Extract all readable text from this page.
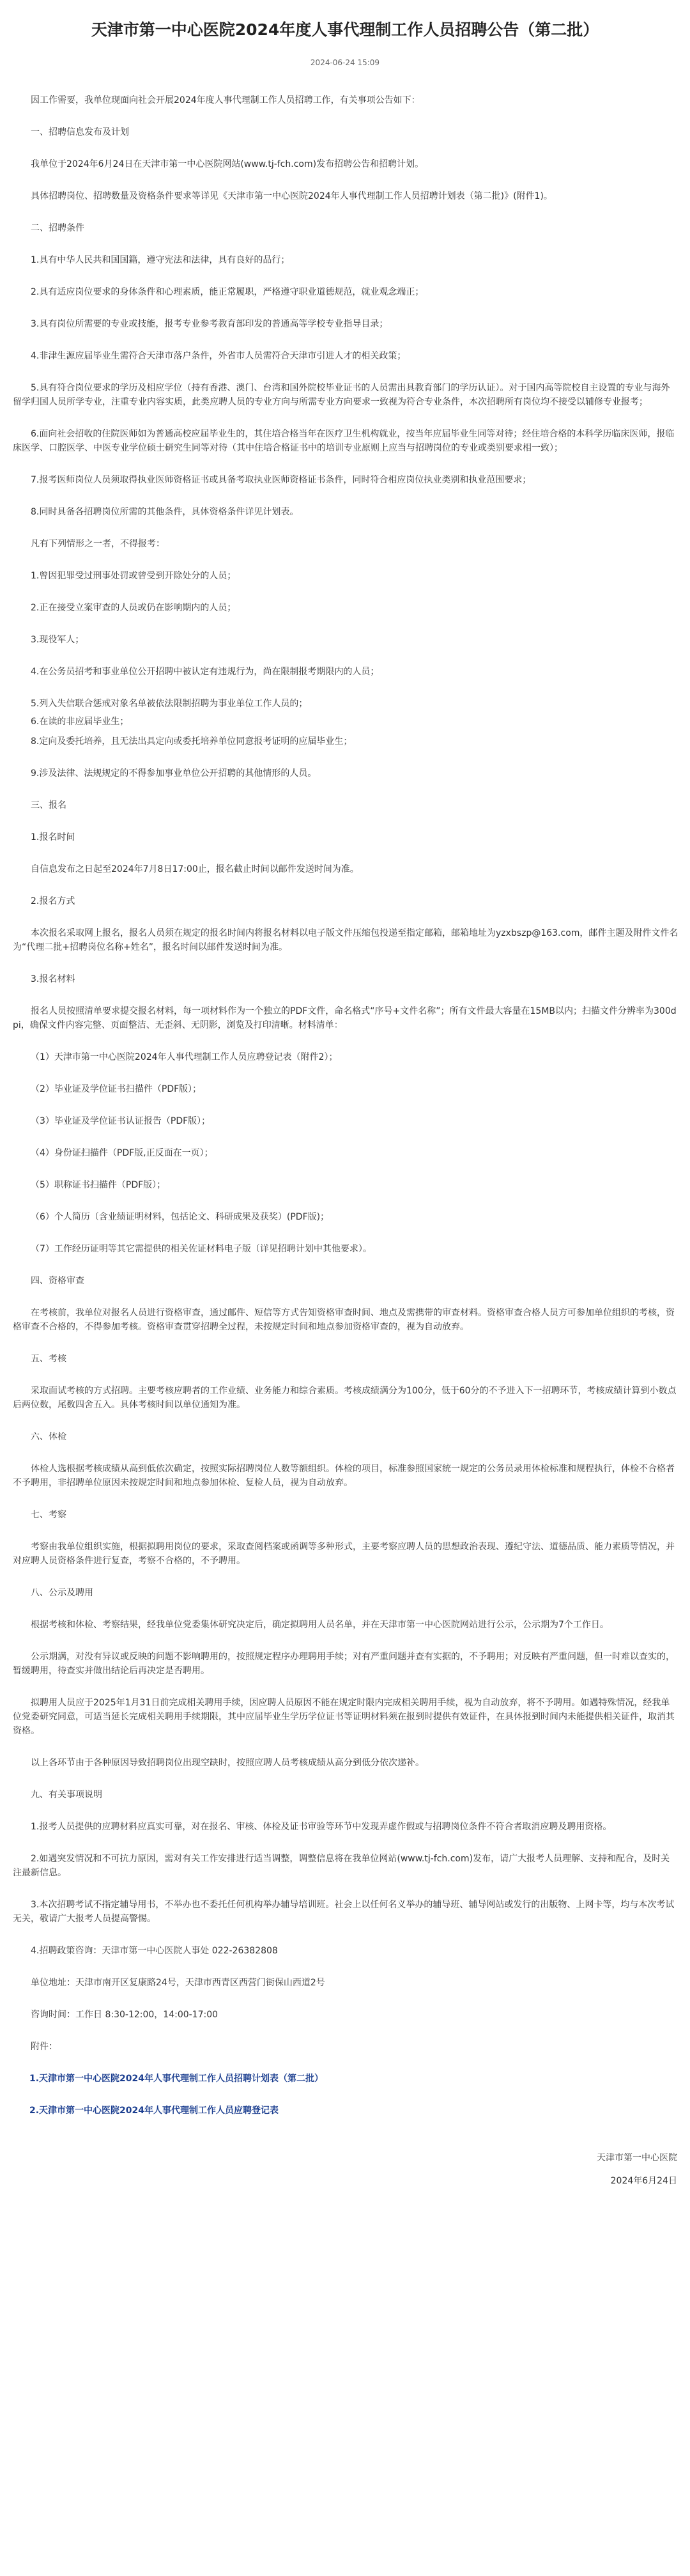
天津市第一中心医院2024年度人事代理制工作人员招聘公告（第二批）
2024-06-24 15:09

因工作需要，我单位现面向社会开展2024年度人事代理制工作人员招聘工作，有关事项公告如下：

一、招聘信息发布及计划

我单位于2024年6月24日在天津市第一中心医院网站(www.tj-fch.com)发布招聘公告和招聘计划。

具体招聘岗位、招聘数量及资格条件要求等详见《天津市第一中心医院2024年人事代理制工作人员招聘计划表（第二批)》(附件1)。

二、招聘条件

1.具有中华人民共和国国籍，遵守宪法和法律，具有良好的品行；

2.具有适应岗位要求的身体条件和心理素质，能正常履职，严格遵守职业道德规范，就业观念端正；

3.具有岗位所需要的专业或技能，报考专业参考教育部印发的普通高等学校专业指导目录；

4.非津生源应届毕业生需符合天津市落户条件，外省市人员需符合天津市引进人才的相关政策；

5.具有符合岗位要求的学历及相应学位（持有香港、澳门、台湾和国外院校毕业证书的人员需出具教育部门的学历认证）。对于国内高等院校自主设置的专业与海外留学归国人员所学专业，注重专业内容实质，此类应聘人员的专业方向与所需专业方向要求一致视为符合专业条件，本次招聘所有岗位均不接受以辅修专业报考；

6.面向社会招收的住院医师如为普通高校应届毕业生的，其住培合格当年在医疗卫生机构就业，按当年应届毕业生同等对待；经住培合格的本科学历临床医师，报临床医学、口腔医学、中医专业学位硕士研究生同等对待（其中住培合格证书中的培训专业原则上应当与招聘岗位的专业或类别要求相一致）；

7.报考医师岗位人员须取得执业医师资格证书或具备考取执业医师资格证书条件，同时符合相应岗位执业类别和执业范围要求；

8.同时具备各招聘岗位所需的其他条件，具体资格条件详见计划表。

凡有下列情形之一者，不得报考：

1.曾因犯罪受过刑事处罚或曾受到开除处分的人员；

2.正在接受立案审查的人员或仍在影响期内的人员；

3.现役军人；

4.在公务员招考和事业单位公开招聘中被认定有违规行为，尚在限制报考期限内的人员；

5.列入失信联合惩戒对象名单被依法限制招聘为事业单位工作人员的；

6.在读的非应届毕业生；

8.定向及委托培养，且无法出具定向或委托培养单位同意报考证明的应届毕业生；

9.涉及法律、法规规定的不得参加事业单位公开招聘的其他情形的人员。

三、报名

1.报名时间

自信息发布之日起至2024年7月8日17:00止，报名截止时间以邮件发送时间为准。

2.报名方式

本次报名采取网上报名，报名人员须在规定的报名时间内将报名材料以电子版文件压缩包投递至指定邮箱，邮箱地址为yzxbszp@163.com，邮件主题及附件文件名为“代理二批+招聘岗位名称+姓名”，报名时间以邮件发送时间为准。

3.报名材料

报名人员按照清单要求提交报名材料，每一项材料作为一个独立的PDF文件，命名格式“序号+文件名称”；所有文件最大容量在15MB以内；扫描文件分辨率为300dpi，确保文件内容完整、页面整洁、无歪斜、无阴影，浏览及打印清晰。材料清单：

（1）天津市第一中心医院2024年人事代理制工作人员应聘登记表（附件2）；

（2）毕业证及学位证书扫描件（PDF版）；

（3）毕业证及学位证书认证报告（PDF版）；

（4）身份证扫描件（PDF版,正反面在一页）；

（5）职称证书扫描件（PDF版）；

（6）个人简历（含业绩证明材料，包括论文、科研成果及获奖）(PDF版)；

（7）工作经历证明等其它需提供的相关佐证材料电子版（详见招聘计划中其他要求）。

四、资格审查

在考核前，我单位对报名人员进行资格审查，通过邮件、短信等方式告知资格审查时间、地点及需携带的审查材料。资格审查合格人员方可参加单位组织的考核，资格审查不合格的，不得参加考核。资格审查贯穿招聘全过程，未按规定时间和地点参加资格审查的，视为自动放弃。

五、考核

采取面试考核的方式招聘。主要考核应聘者的工作业绩、业务能力和综合素质。考核成绩满分为100分，低于60分的不予进入下一招聘环节，考核成绩计算到小数点后两位数，尾数四舍五入。具体考核时间以单位通知为准。

六、体检

体检人选根据考核成绩从高到低依次确定，按照实际招聘岗位人数等额组织。体检的项目，标准参照国家统一规定的公务员录用体检标准和规程执行，体检不合格者不予聘用，非招聘单位原因未按规定时间和地点参加体检、复检人员，视为自动放弃。

七、考察

考察由我单位组织实施，根据拟聘用岗位的要求，采取查阅档案或函调等多种形式，主要考察应聘人员的思想政治表现、遵纪守法、道德品质、能力素质等情况，并对应聘人员资格条件进行复查，考察不合格的，不予聘用。

八、公示及聘用

根据考核和体检、考察结果，经我单位党委集体研究决定后，确定拟聘用人员名单，并在天津市第一中心医院网站进行公示，公示期为7个工作日。

公示期满，对没有异议或反映的问题不影响聘用的，按照规定程序办理聘用手续；对有严重问题并查有实据的，不予聘用；对反映有严重问题，但一时难以查实的，暂缓聘用，待查实并做出结论后再决定是否聘用。

拟聘用人员应于2025年1月31日前完成相关聘用手续，因应聘人员原因不能在规定时限内完成相关聘用手续，视为自动放弃，将不予聘用。如遇特殊情况，经我单位党委研究同意，可适当延长完成相关聘用手续期限，其中应届毕业生学历学位证书等证明材料须在报到时提供有效证件，在具体报到时间内未能提供相关证件，取消其资格。

以上各环节由于各种原因导致招聘岗位出现空缺时，按照应聘人员考核成绩从高分到低分依次递补。

九、有关事项说明

1.报考人员提供的应聘材料应真实可靠，对在报名、审核、体检及证书审验等环节中发现弄虚作假或与招聘岗位条件不符合者取消应聘及聘用资格。

2.如遇突发情况和不可抗力原因，需对有关工作安排进行适当调整，调整信息将在我单位网站(www.tj-fch.com)发布，请广大报考人员理解、支持和配合，及时关注最新信息。

3.本次招聘考试不指定辅导用书，不举办也不委托任何机构举办辅导培训班。社会上以任何名义举办的辅导班、辅导网站或发行的出版物、上网卡等，均与本次考试无关，敬请广大报考人员提高警惕。

4.招聘政策咨询：天津市第一中心医院人事处 022-26382808

单位地址：天津市南开区复康路24号，天津市西青区西营门街保山西道2号

咨询时间：工作日 8:30-12:00，14:00-17:00

附件：

1.天津市第一中心医院2024年人事代理制工作人员招聘计划表（第二批）

2.天津市第一中心医院2024年人事代理制工作人员应聘登记表

天津市第一中心医院

2024年6月24日
